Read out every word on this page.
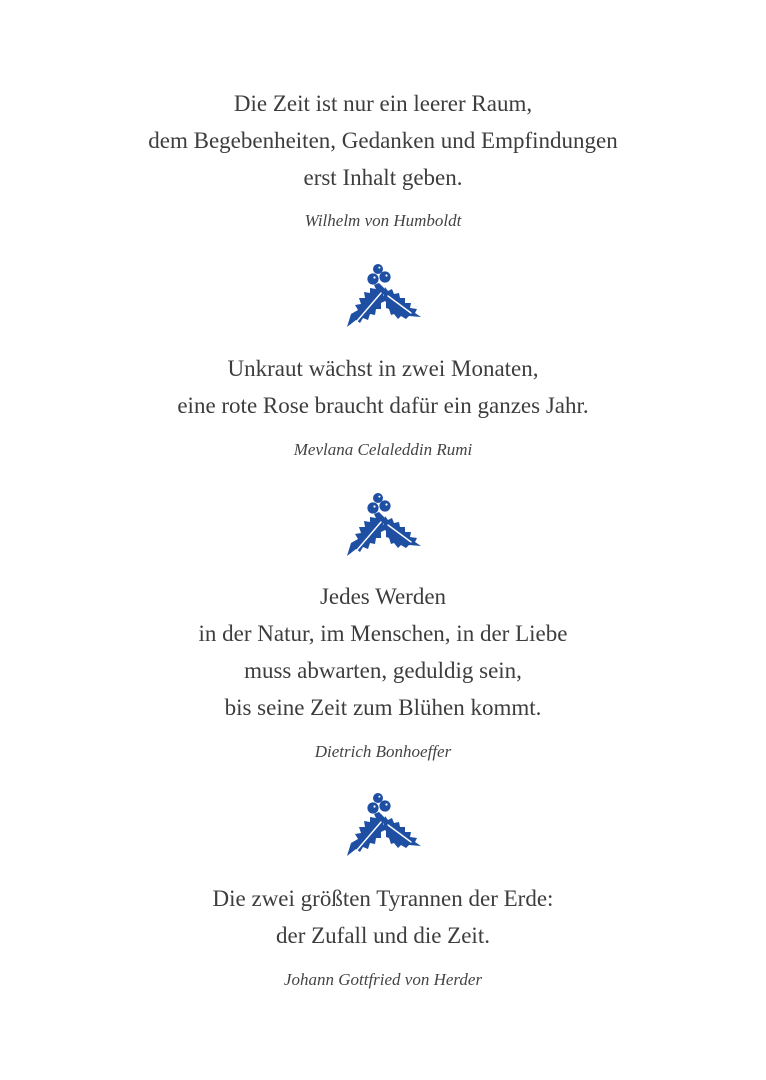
Die Zeit ist nur ein leerer Raum,
dem Begebenheiten, Gedanken und Empfindungen
erst Inhalt geben.
Wilhelm von Humboldt
Unkraut wächst in zwei Monaten,
eine rote Rose braucht dafür ein ganzes Jahr.
Mevlana Celaleddin Rumi
Jedes Werden
in der Natur, im Menschen, in der Liebe
muss abwarten, geduldig sein,
bis seine Zeit zum Blühen kommt.
Dietrich Bonhoeffer
Die zwei größten Tyrannen der Erde:
der Zufall und die Zeit.
Johann Gottfried von Herder
